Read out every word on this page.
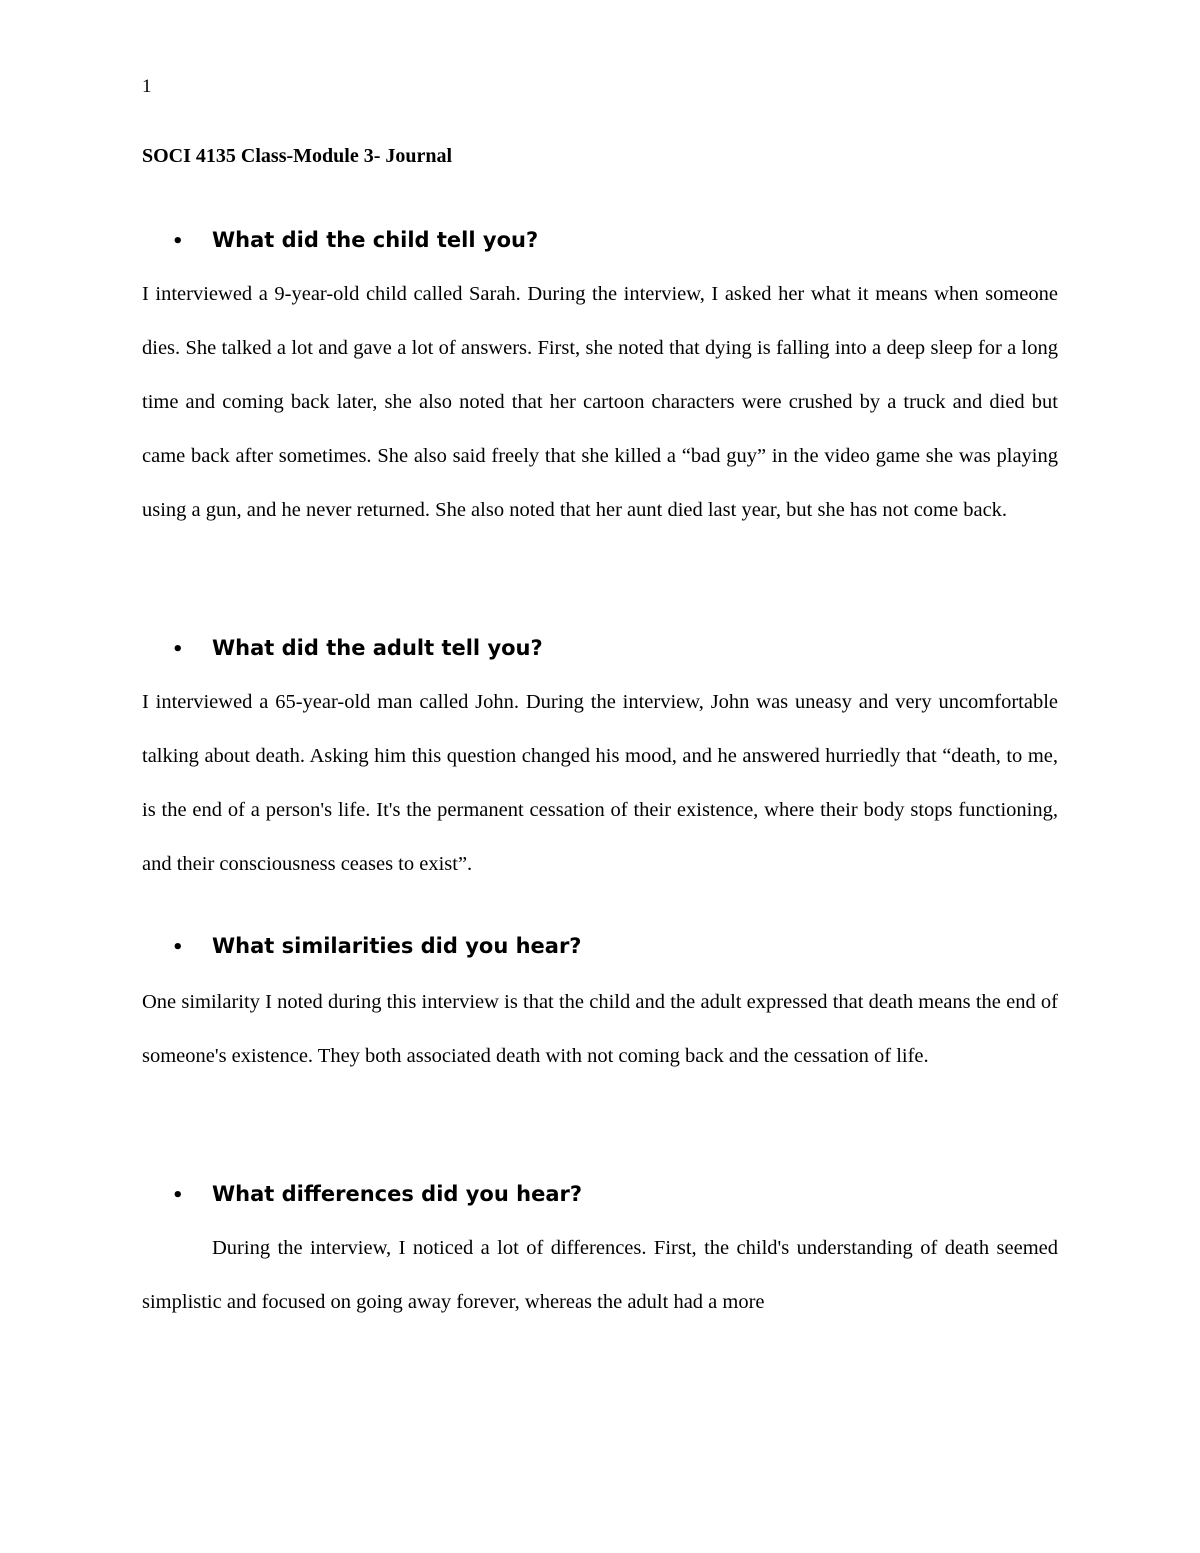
1
SOCI 4135 Class-Module 3- Journal
• What did the child tell you?

I interviewed a 9-year-old child called Sarah. During the interview, I asked her what it means when someone dies. She talked a lot and gave a lot of answers. First, she noted that dying is falling into a deep sleep for a long time and coming back later, she also noted that her cartoon characters were crushed by a truck and died but came back after sometimes. She also said freely that she killed a “bad guy” in the video game she was playing using a gun, and he never returned. She also noted that her aunt died last year, but she has not come back.

• What did the adult tell you?

I interviewed a 65-year-old man called John. During the interview, John was uneasy and very uncomfortable talking about death. Asking him this question changed his mood, and he answered hurriedly that “death, to me, is the end of a person's life. It's the permanent cessation of their existence, where their body stops functioning, and their consciousness ceases to exist”.

• What similarities did you hear?

One similarity I noted during this interview is that the child and the adult expressed that death means the end of someone's existence. They both associated death with not coming back and the cessation of life.

• What differences did you hear?

During the interview, I noticed a lot of differences. First, the child's understanding of death seemed simplistic and focused on going away forever, whereas the adult had a more
